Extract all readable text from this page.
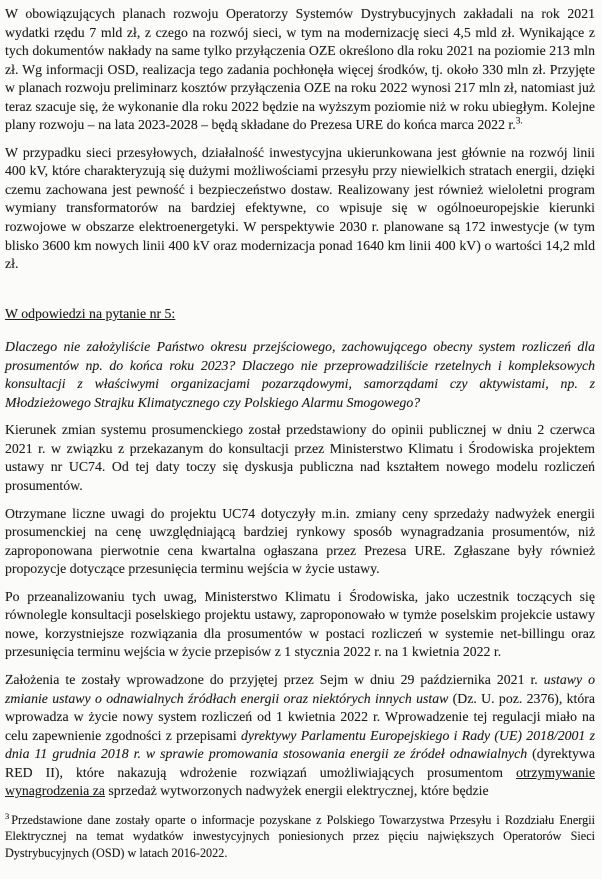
W obowiązujących planach rozwoju Operatorzy Systemów Dystrybucyjnych zakładali na rok 2021 wydatki rzędu 7 mld zł, z czego na rozwój sieci, w tym na modernizację sieci 4,5 mld zł. Wynikające z tych dokumentów nakłady na same tylko przyłączenia OZE określono dla roku 2021 na poziomie 213 mln zł. Wg informacji OSD, realizacja tego zadania pochłonęła więcej środków, tj. około 330 mln zł. Przyjęte w planach rozwoju preliminarz kosztów przyłączenia OZE na roku 2022 wynosi 217 mln zł, natomiast już teraz szacuje się, że wykonanie dla roku 2022 będzie na wyższym poziomie niż w roku ubiegłym. Kolejne plany rozwoju – na lata 2023-2028 – będą składane do Prezesa URE do końca marca 2022 r.$^{3.}$

W przypadku sieci przesyłowych, działalność inwestycyjna ukierunkowana jest głównie na rozwój linii 400 kV, które charakteryzują się dużymi możliwościami przesyłu przy niewielkich stratach energii, dzięki czemu zachowana jest pewność i bezpieczeństwo dostaw. Realizowany jest również wieloletni program wymiany transformatorów na bardziej efektywne, co wpisuje się w ogólnoeuropejskie kierunki rozwojowe w obszarze elektroenergetyki. W perspektywie 2030 r. planowane są 172 inwestycje (w tym blisko 3600 km nowych linii 400 kV oraz modernizacja ponad 1640 km linii 400 kV) o wartości 14,2 mld zł.

W odpowiedzi na pytanie nr 5:

Dlaczego nie założyliście Państwo okresu przejściowego, zachowującego obecny system rozliczeń dla prosumentów np. do końca roku 2023? Dlaczego nie przeprowadziliście rzetelnych i kompleksowych konsultacji z właściwymi organizacjami pozarządowymi, samorządami czy aktywistami, np. z Młodzieżowego Strajku Klimatycznego czy Polskiego Alarmu Smogowego?

Kierunek zmian systemu prosumenckiego został przedstawiony do opinii publicznej w dniu 2 czerwca 2021 r. w związku z przekazanym do konsultacji przez Ministerstwo Klimatu i Środowiska projektem ustawy nr UC74. Od tej daty toczy się dyskusja publiczna nad kształtem nowego modelu rozliczeń prosumentów.

Otrzymane liczne uwagi do projektu UC74 dotyczyły m.in. zmiany ceny sprzedaży nadwyżek energii prosumenckiej na cenę uwzględniającą bardziej rynkowy sposób wynagradzania prosumentów, niż zaproponowana pierwotnie cena kwartalna ogłaszana przez Prezesa URE. Zgłaszane były również propozycje dotyczące przesunięcia terminu wejścia w życie ustawy.

Po przeanalizowaniu tych uwag, Ministerstwo Klimatu i Środowiska, jako uczestnik toczących się równolegle konsultacji poselskiego projektu ustawy, zaproponowało w tymże poselskim projekcie ustawy nowe, korzystniejsze rozwiązania dla prosumentów w postaci rozliczeń w systemie net-billingu oraz przesunięcia terminu wejścia w życie przepisów z 1 stycznia 2022 r. na 1 kwietnia 2022 r.

Założenia te zostały wprowadzone do przyjętej przez Sejm w dniu 29 października 2021 r. ustawy o zmianie ustawy o odnawialnych źródłach energii oraz niektórych innych ustaw (Dz. U. poz. 2376), która wprowadza w życie nowy system rozliczeń od 1 kwietnia 2022 r. Wprowadzenie tej regulacji miało na celu zapewnienie zgodności z przepisami dyrektywy Parlamentu Europejskiego i Rady (UE) 2018/2001 z dnia 11 grudnia 2018 r. w sprawie promowania stosowania energii ze źródeł odnawialnych (dyrektywa RED II), które nakazują wdrożenie rozwiązań umożliwiających prosumentom otrzymywanie wynagrodzenia za sprzedaż wytworzonych nadwyżek energii elektrycznej, które będzie

$^3$ Przedstawione dane zostały oparte o informacje pozyskane z Polskiego Towarzystwa Przesyłu i Rozdziału Energii Elektrycznej na temat wydatków inwestycyjnych poniesionych przez pięciu największych Operatorów Sieci Dystrybucyjnych (OSD) w latach 2016-2022.
